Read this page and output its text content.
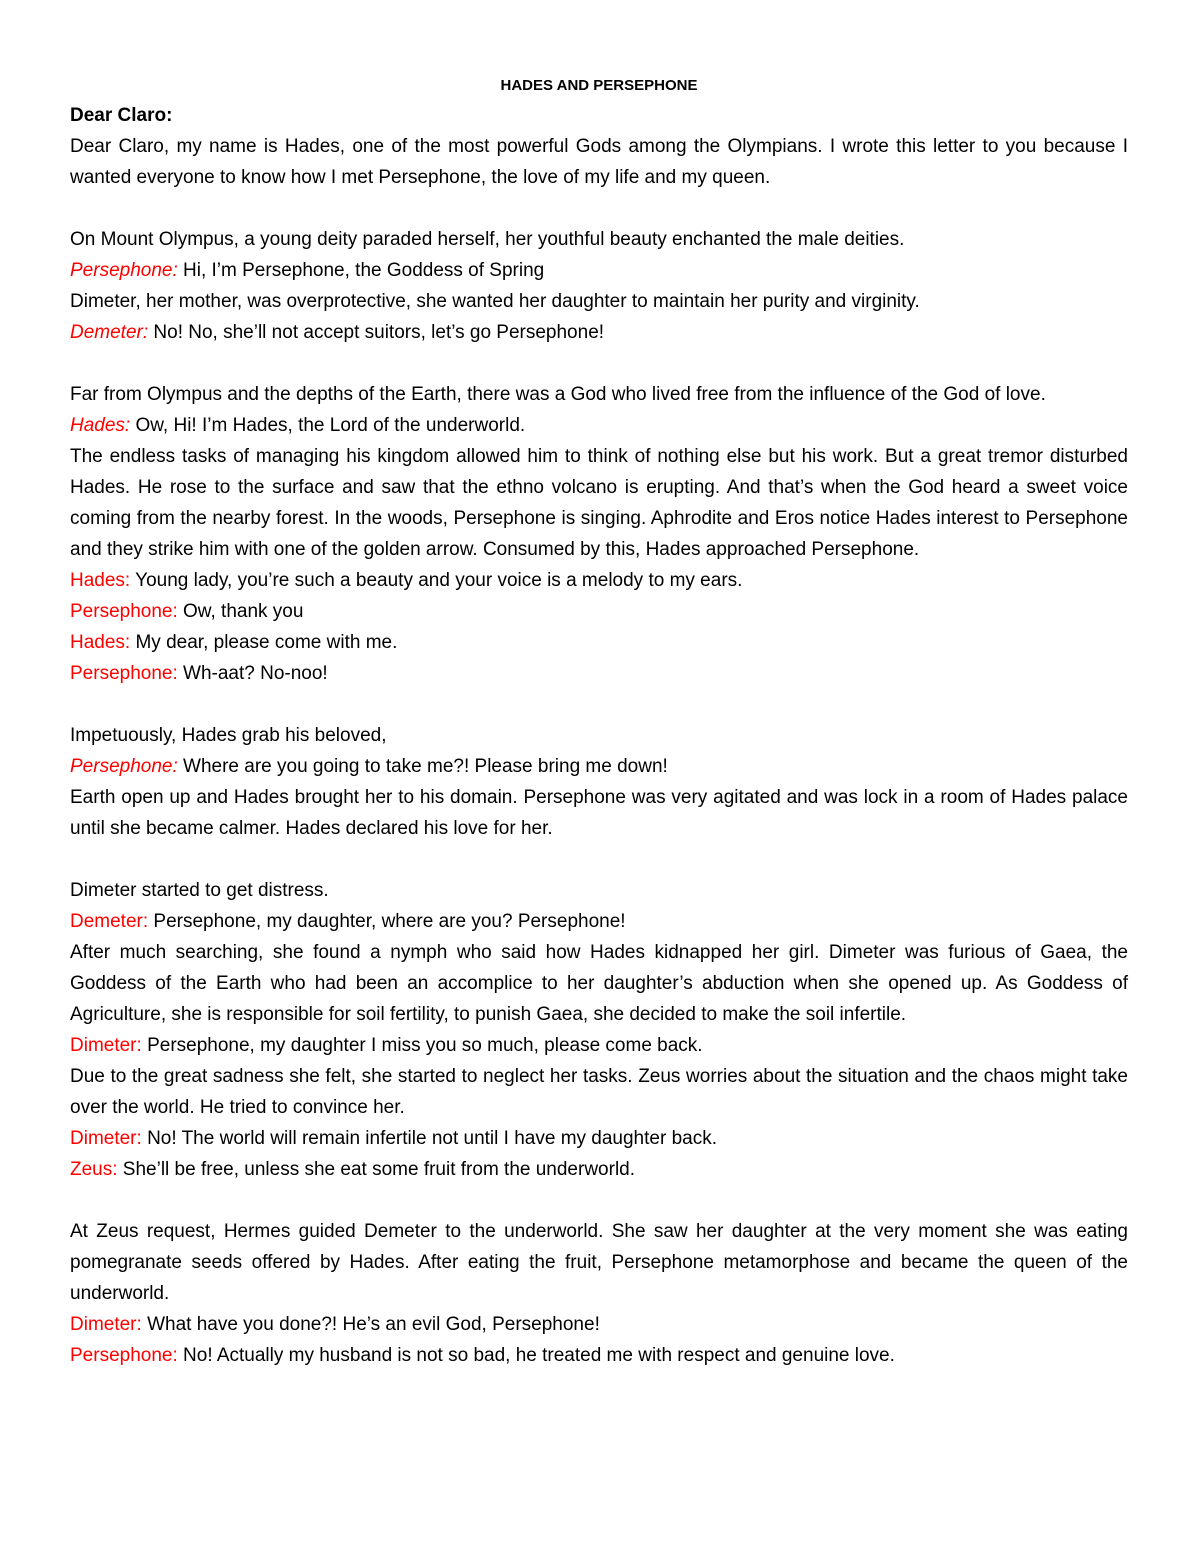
HADES AND PERSEPHONE
Dear Claro:

Dear Claro, my name is Hades, one of the most powerful Gods among the Olympians. I wrote this letter to you because I wanted everyone to know how I met Persephone, the love of my life and my queen.

On Mount Olympus, a young deity paraded herself, her youthful beauty enchanted the male deities.

Persephone: Hi, I’m Persephone, the Goddess of Spring

Dimeter, her mother, was overprotective, she wanted her daughter to maintain her purity and virginity.

Demeter: No! No, she’ll not accept suitors, let’s go Persephone!

Far from Olympus and the depths of the Earth, there was a God who lived free from the influence of the God of love.

Hades: Ow, Hi! I’m Hades, the Lord of the underworld.

The endless tasks of managing his kingdom allowed him to think of nothing else but his work. But a great tremor disturbed Hades. He rose to the surface and saw that the ethno volcano is erupting. And that’s when the God heard a sweet voice coming from the nearby forest. In the woods, Persephone is singing. Aphrodite and Eros notice Hades interest to Persephone and they strike him with one of the golden arrow. Consumed by this, Hades approached Persephone.

Hades: Young lady, you’re such a beauty and your voice is a melody to my ears.

Persephone: Ow, thank you

Hades: My dear, please come with me.

Persephone: Wh-aat? No-noo!

Impetuously, Hades grab his beloved,

Persephone: Where are you going to take me?! Please bring me down!

Earth open up and Hades brought her to his domain. Persephone was very agitated and was lock in a room of Hades palace until she became calmer. Hades declared his love for her.

Dimeter started to get distress.

Demeter: Persephone, my daughter, where are you? Persephone!

After much searching, she found a nymph who said how Hades kidnapped her girl. Dimeter was furious of Gaea, the Goddess of the Earth who had been an accomplice to her daughter’s abduction when she opened up. As Goddess of Agriculture, she is responsible for soil fertility, to punish Gaea, she decided to make the soil infertile.

Dimeter: Persephone, my daughter I miss you so much, please come back.

Due to the great sadness she felt, she started to neglect her tasks. Zeus worries about the situation and the chaos might take over the world. He tried to convince her.

Dimeter: No! The world will remain infertile not until I have my daughter back.

Zeus: She’ll be free, unless she eat some fruit from the underworld.

At Zeus request, Hermes guided Demeter to the underworld. She saw her daughter at the very moment she was eating pomegranate seeds offered by Hades. After eating the fruit, Persephone metamorphose and became the queen of the underworld.

Dimeter: What have you done?! He’s an evil God, Persephone!

Persephone: No! Actually my husband is not so bad, he treated me with respect and genuine love.
